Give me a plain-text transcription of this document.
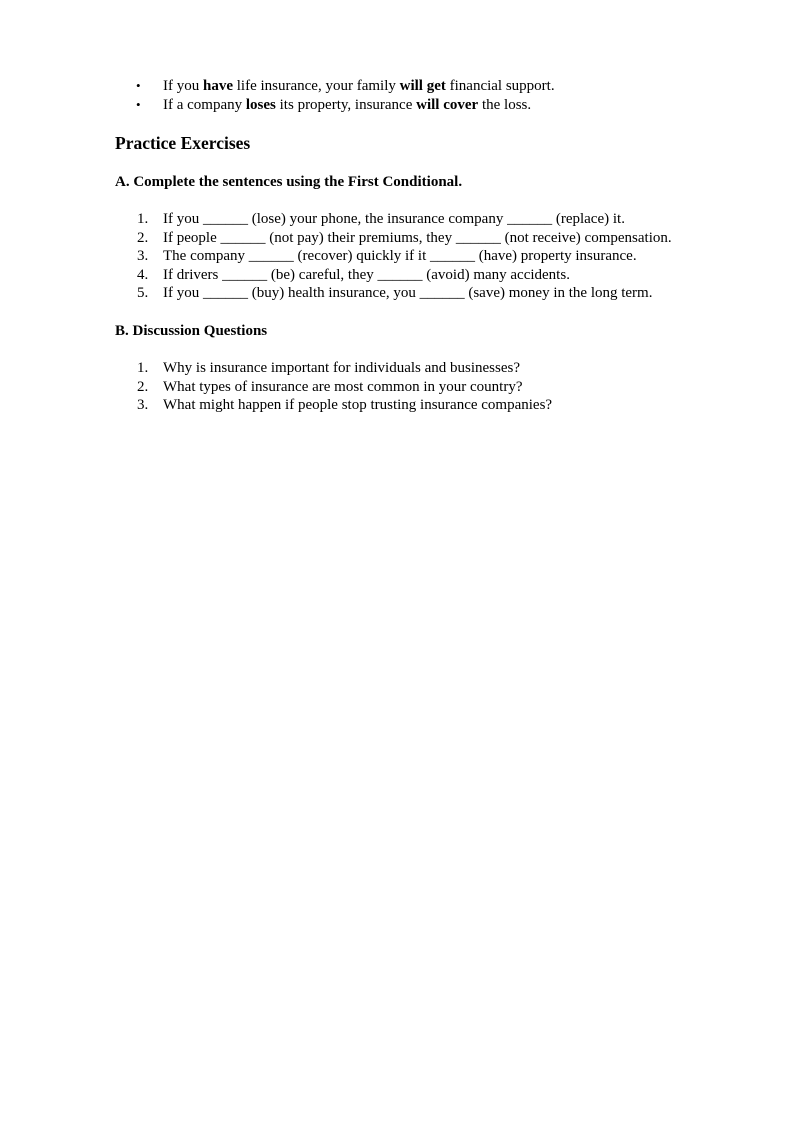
• If you have life insurance, your family will get financial support.
• If a company loses its property, insurance will cover the loss.
Practice Exercises
A. Complete the sentences using the First Conditional.
1. If you ______ (lose) your phone, the insurance company ______ (replace) it.
2. If people ______ (not pay) their premiums, they ______ (not receive) compensation.
3. The company ______ (recover) quickly if it ______ (have) property insurance.
4. If drivers ______ (be) careful, they ______ (avoid) many accidents.
5. If you ______ (buy) health insurance, you ______ (save) money in the long term.
B. Discussion Questions
1. Why is insurance important for individuals and businesses?
2. What types of insurance are most common in your country?
3. What might happen if people stop trusting insurance companies?
